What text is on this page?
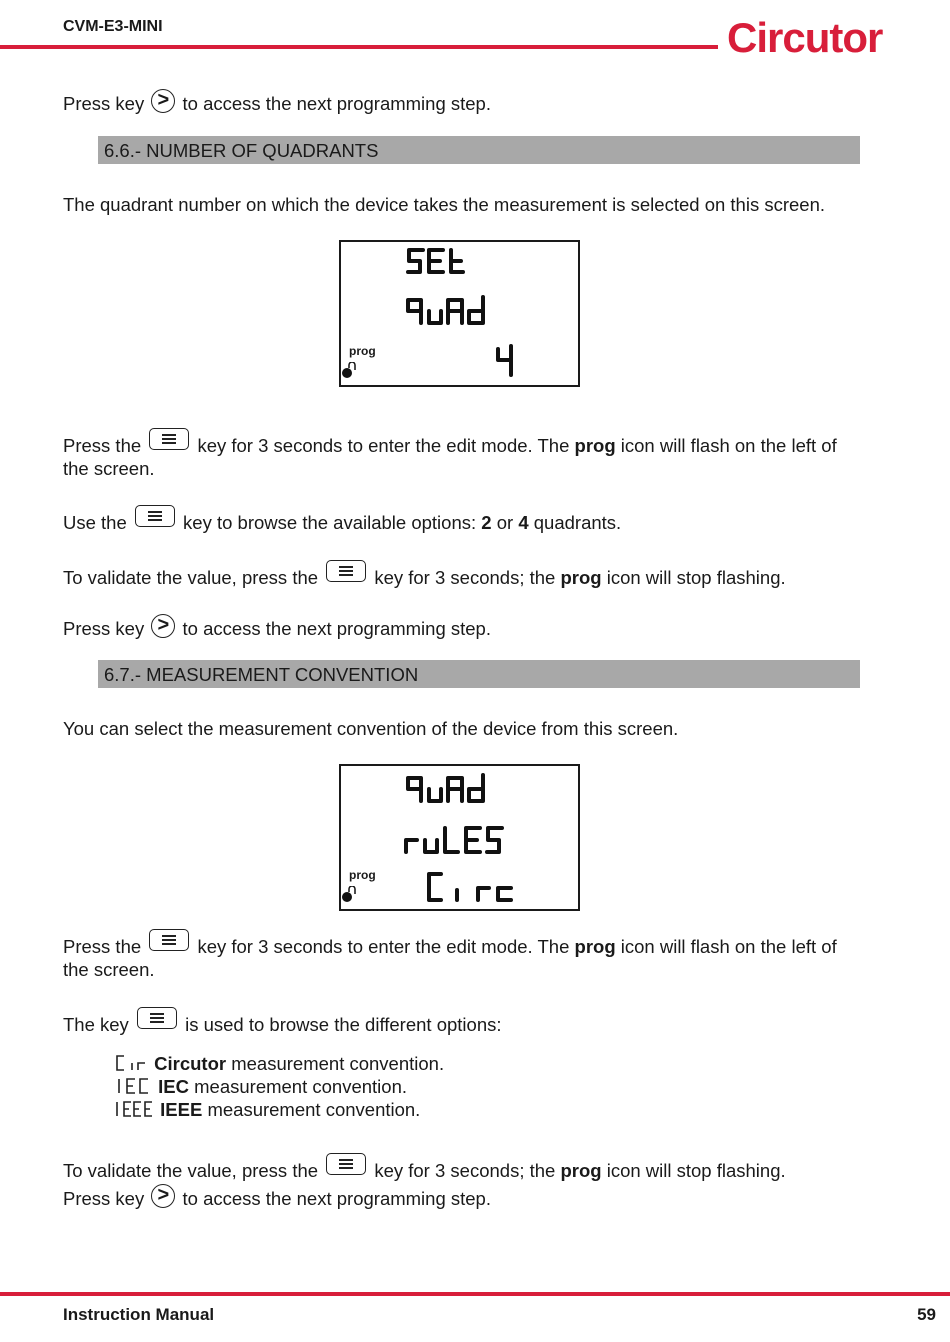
CVM-E3-MINI	Circutor
Press key > to access the next programming step.
6.6.- NUMBER OF QUADRANTS
The quadrant number on which the device takes the measurement is selected on this screen.
prog
Press the	key for 3 seconds to enter the edit mode. The prog icon will flash on the left of the screen.
Use the	key to browse the available options: 2 or 4 quadrants.
To validate the value, press the	key for 3 seconds; the prog icon will stop flashing.
Press key > to access the next programming step.
6.7.- MEASUREMENT CONVENTION
You can select the measurement convention of the device from this screen.
prog
Press the	key for 3 seconds to enter the edit mode. The prog icon will flash on the left of the screen.
The key	is used to browse the different options:

Circutor measurement convention.

IEC measurement convention.

IEEE measurement convention.
To validate the value, press the	key for 3 seconds; the prog icon will stop flashing.
Press key > to access the next programming step.
Instruction Manual	59
